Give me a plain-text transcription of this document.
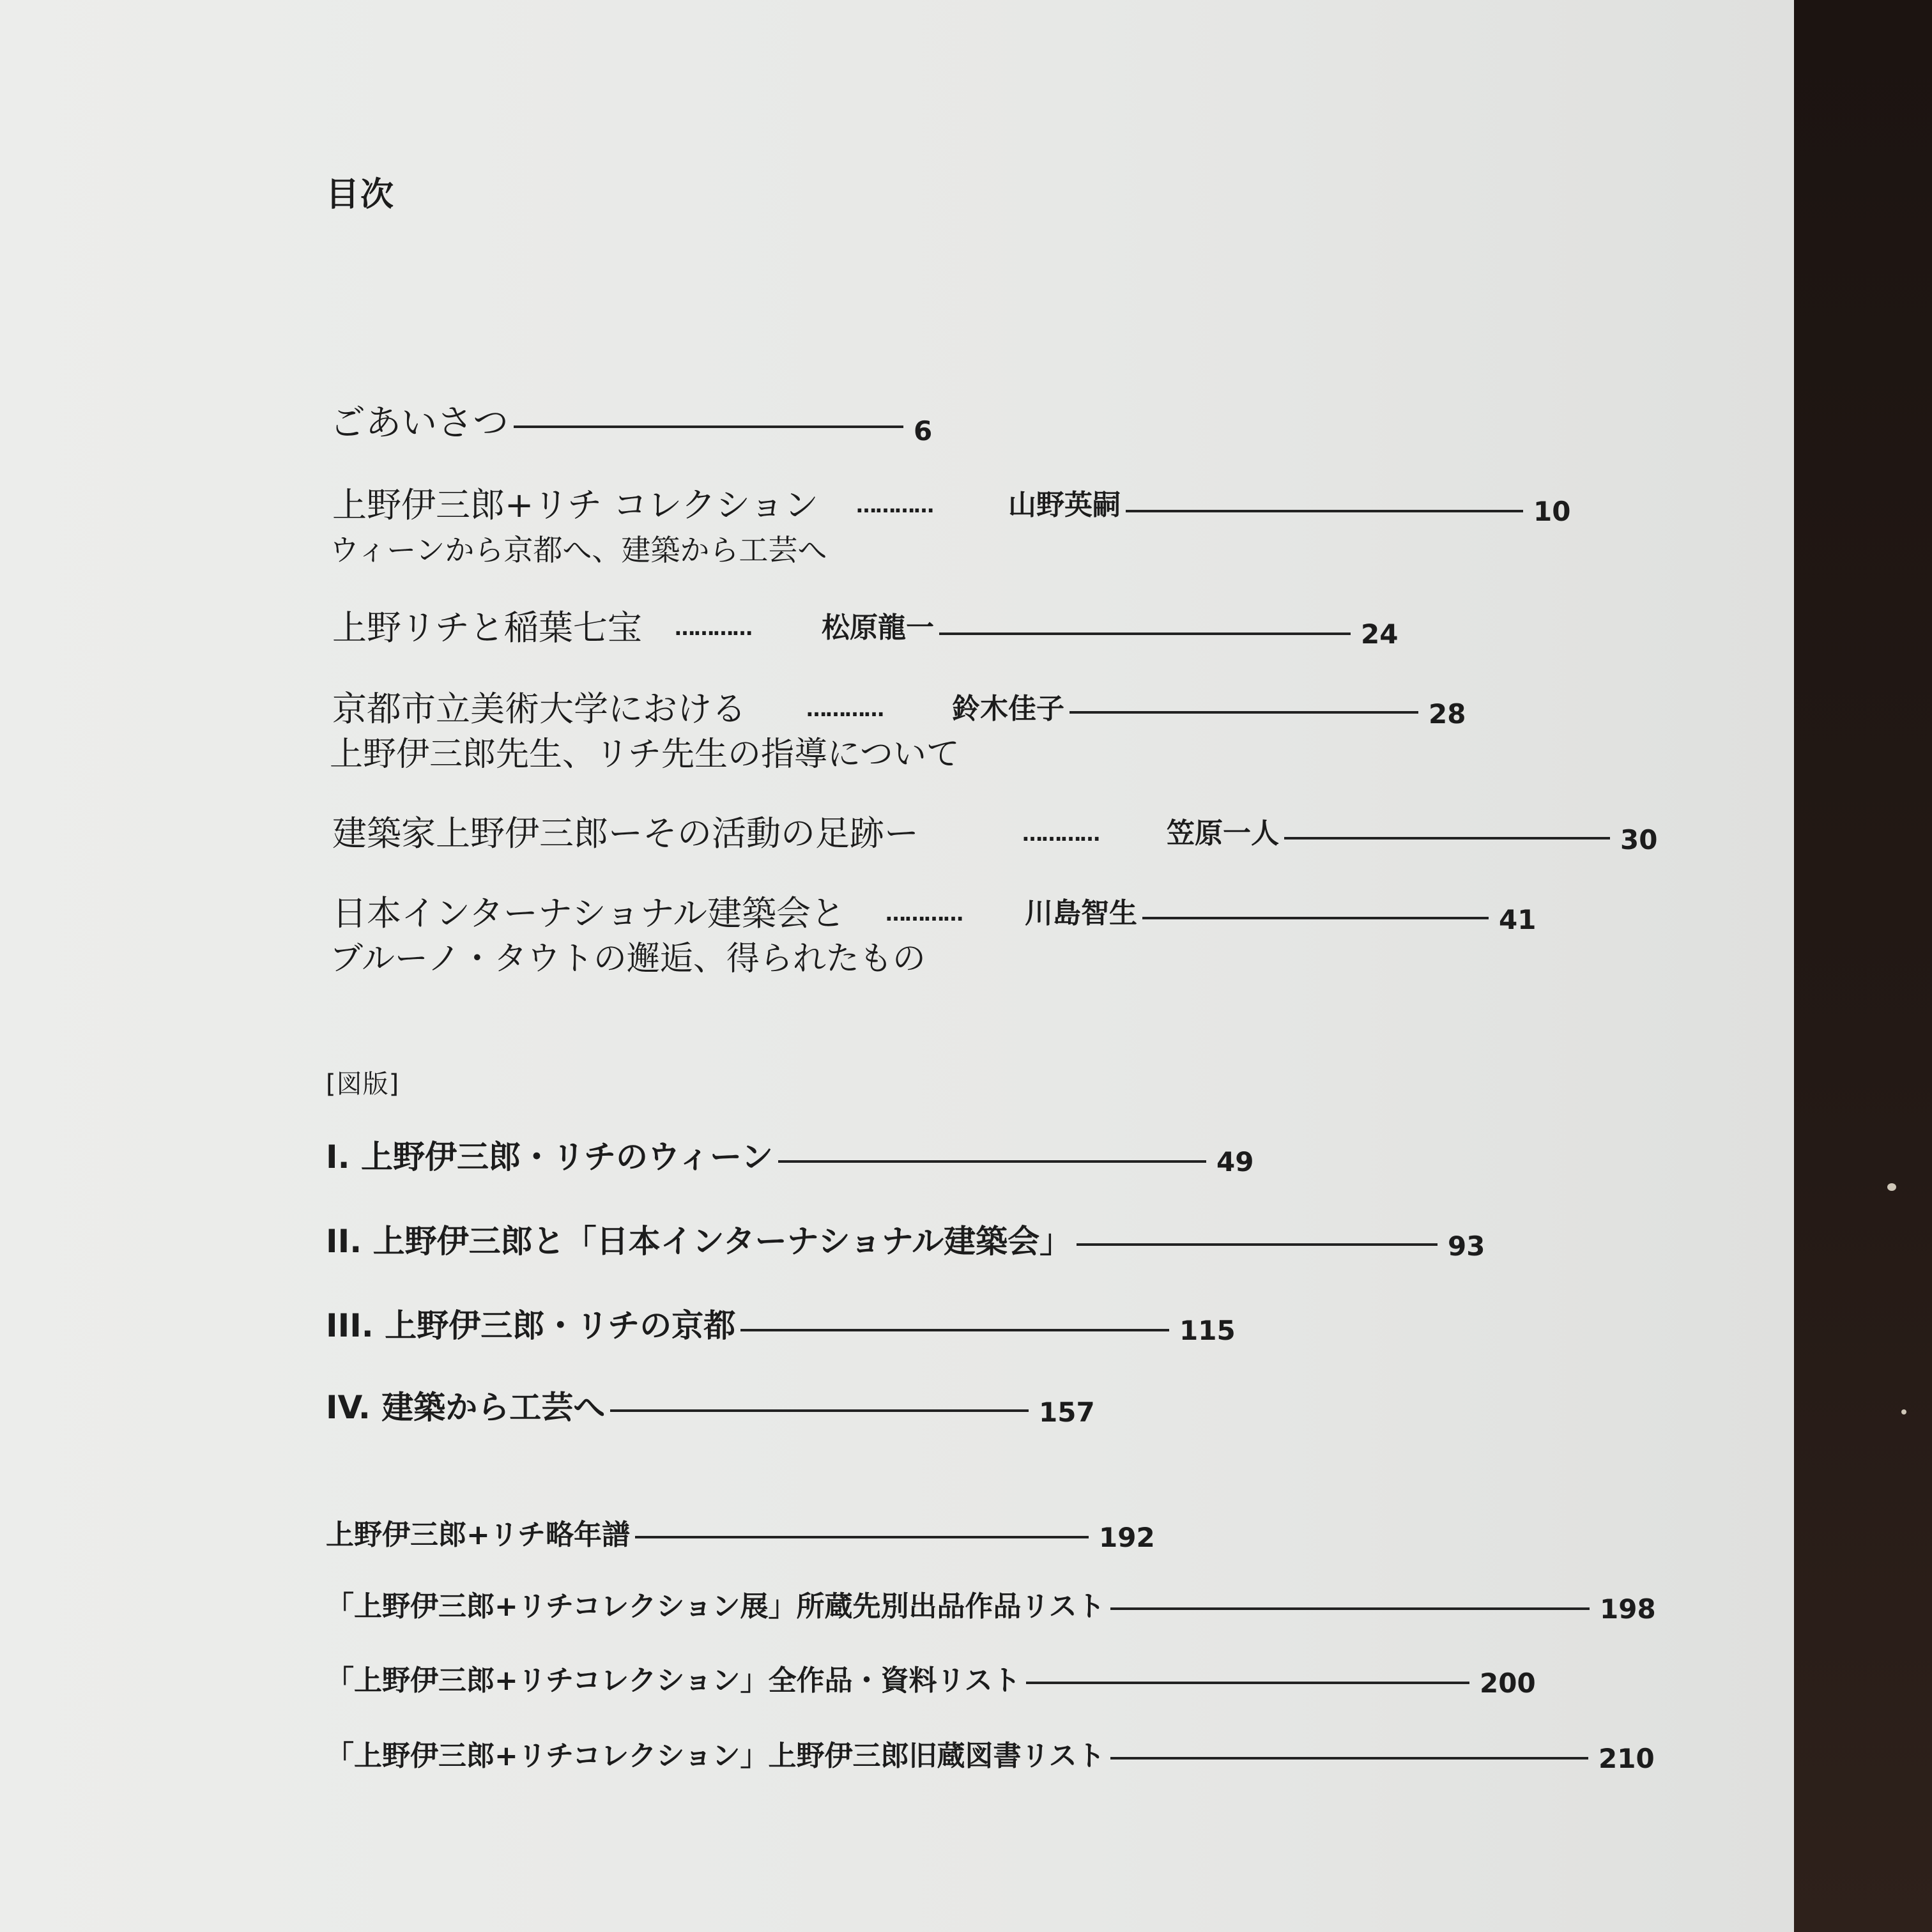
目次
ごあいさつ	6
上野伊三郎+リチ コレクション …………	山野英嗣	10
ウィーンから京都へ、建築から工芸へ
上野リチと稲葉七宝 …………	松原龍一	24
京都市立美術大学における	………… 鈴木佳子	28
上野伊三郎先生、リチ先生の指導について
建築家上野伊三郎ーその活動の足跡ー	………… 笠原一人	30
日本インターナショナル建築会と ………… 川島智生	41
ブルーノ・タウトの邂逅、得られたもの
[図版]
I. 上野伊三郎・リチのウィーン	49
II. 上野伊三郎と「日本インターナショナル建築会」	93
III. 上野伊三郎・リチの京都	115
IV. 建築から工芸へ	157
上野伊三郎+リチ略年譜	192
「上野伊三郎+リチコレクション展」所蔵先別出品作品リスト	198
「上野伊三郎+リチコレクション」全作品・資料リスト	200
「上野伊三郎+リチコレクション」上野伊三郎旧蔵図書リスト	210
